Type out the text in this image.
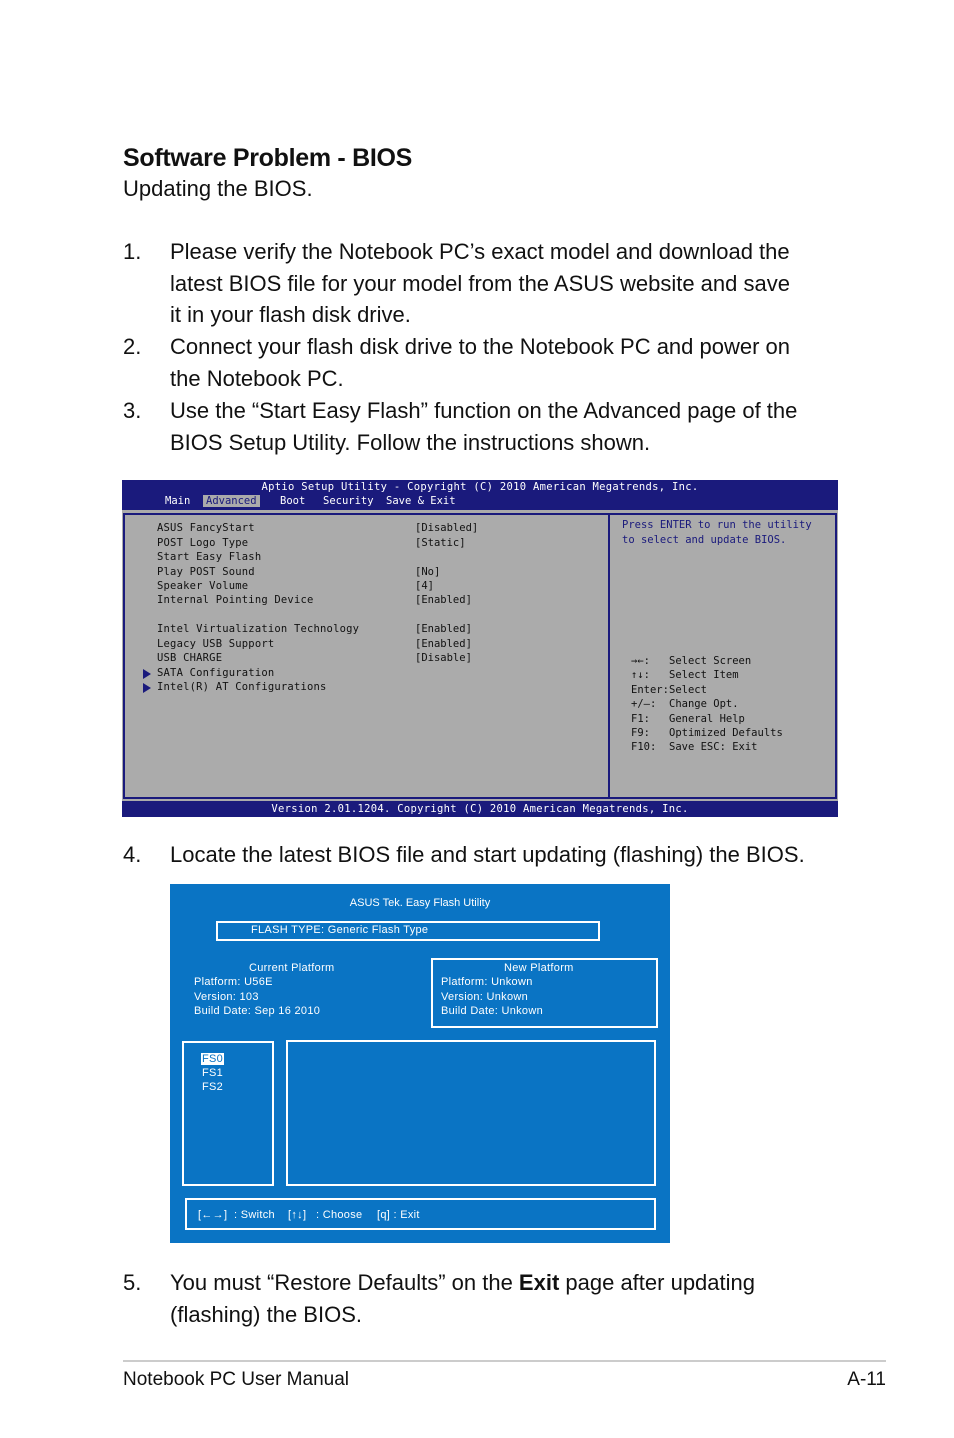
Software Problem - BIOS
Updating the BIOS.
1. Please verify the Notebook PC’s exact model and download the
latest BIOS file for your model from the ASUS website and save
it in your flash disk drive.
2. Connect your flash disk drive to the Notebook PC and power on
the Notebook PC.
3. Use the “Start Easy Flash” function on the Advanced page of the
BIOS Setup Utility. Follow the instructions shown.
Aptio Setup Utility - Copyright (C) 2010 American Megatrends, Inc.
Main Advanced Boot Security Save & Exit
ASUS FancyStart	[Disabled]
POST Logo Type	[Static]
Start Easy Flash
Play POST Sound	[No]
Speaker Volume	[4]
Internal Pointing Device	[Enabled]
Intel Virtualization Technology	[Enabled]
Legacy USB Support	[Enabled]
USB CHARGE	[Disable]
SATA Configuration
Intel(R) AT Configurations
Press ENTER to run the utility
to select and update BIOS.
→←: Select Screen
↑↓: Select Item
Enter: Select
+/—: Change Opt.
F1: General Help
F9: Optimized Defaults
F10: Save ESC: Exit
Version 2.01.1204. Copyright (C) 2010 American Megatrends, Inc.
4. Locate the latest BIOS file and start updating (flashing) the BIOS.
ASUS Tek. Easy Flash Utility
FLASH TYPE: Generic Flash Type
Current Platform
Platform: U56E
Version: 103
Build Date: Sep 16 2010
New Platform
Platform: Unkown
Version: Unkown
Build Date: Unkown
FS0
FS1
FS2
[←→] : Switch [↑↓] : Choose [q] : Exit
5. You must “Restore Defaults” on the Exit page after updating
(flashing) the BIOS.
Notebook PC User Manual	A-11
